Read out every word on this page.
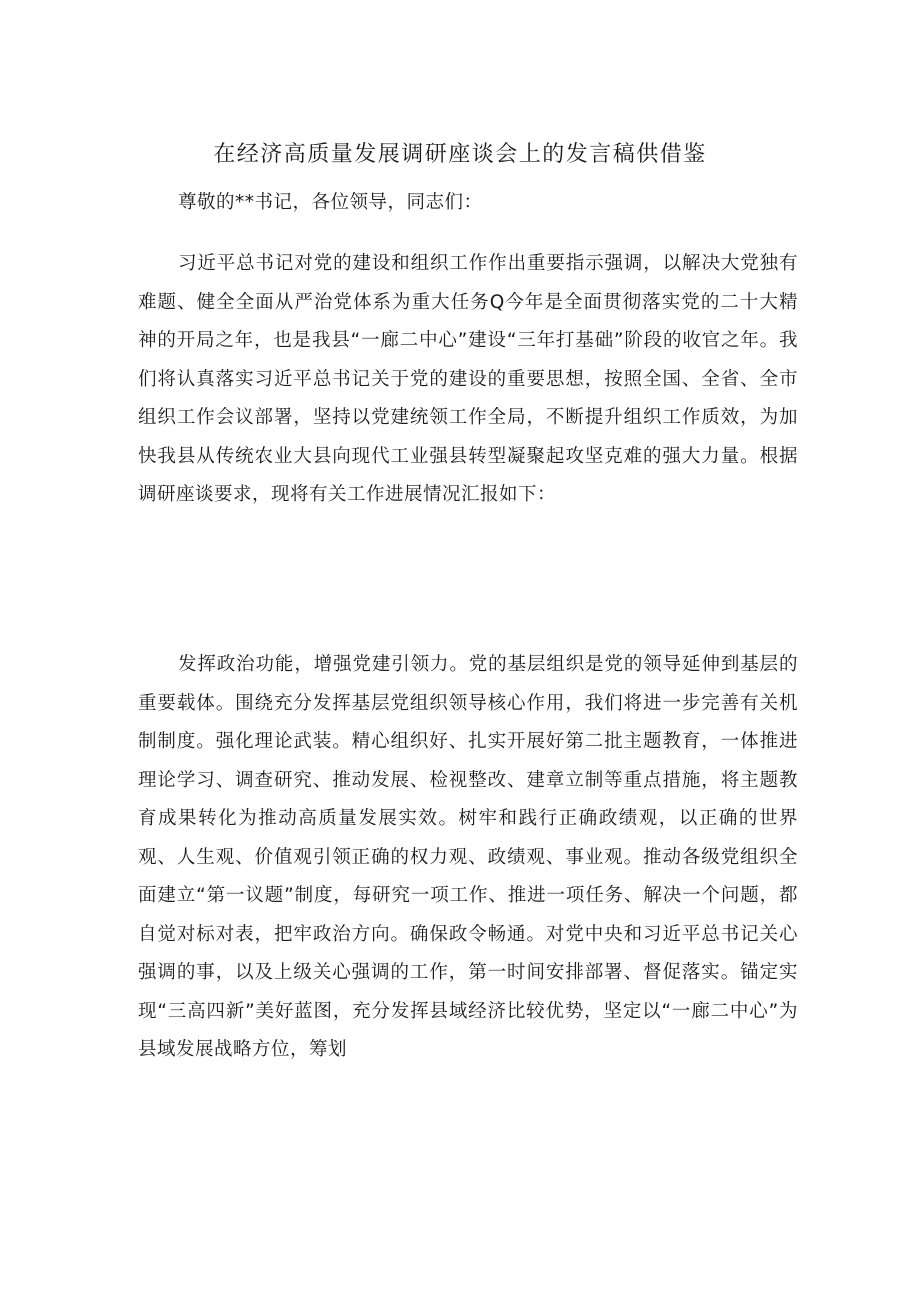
在经济高质量发展调研座谈会上的发言稿供借鉴

尊敬的**书记，各位领导，同志们：

习近平总书记对党的建设和组织工作作出重要指示强调，以解决大党独有难题、健全全面从严治党体系为重大任务Q今年是全面贯彻落实党的二十大精神的开局之年，也是我县“一廊二中心”建设“三年打基础”阶段的收官之年。我们将认真落实习近平总书记关于党的建设的重要思想，按照全国、全省、全市组织工作会议部署，坚持以党建统领工作全局，不断提升组织工作质效，为加快我县从传统农业大县向现代工业强县转型凝聚起攻坚克难的强大力量。根据调研座谈要求，现将有关工作进展情况汇报如下：

发挥政治功能，增强党建引领力。党的基层组织是党的领导延伸到基层的重要载体。围绕充分发挥基层党组织领导核心作用，我们将进一步完善有关机制制度。强化理论武装。精心组织好、扎实开展好第二批主题教育，一体推进理论学习、调查研究、推动发展、检视整改、建章立制等重点措施，将主题教育成果转化为推动高质量发展实效。树牢和践行正确政绩观，以正确的世界观、人生观、价值观引领正确的权力观、政绩观、事业观。推动各级党组织全面建立“第一议题”制度，每研究一项工作、推进一项任务、解决一个问题，都自觉对标对表，把牢政治方向。确保政令畅通。对党中央和习近平总书记关心强调的事，以及上级关心强调的工作，第一时间安排部署、督促落实。锚定实现“三高四新”美好蓝图，充分发挥县域经济比较优势，坚定以“一廊二中心”为县域发展战略方位，筹划
